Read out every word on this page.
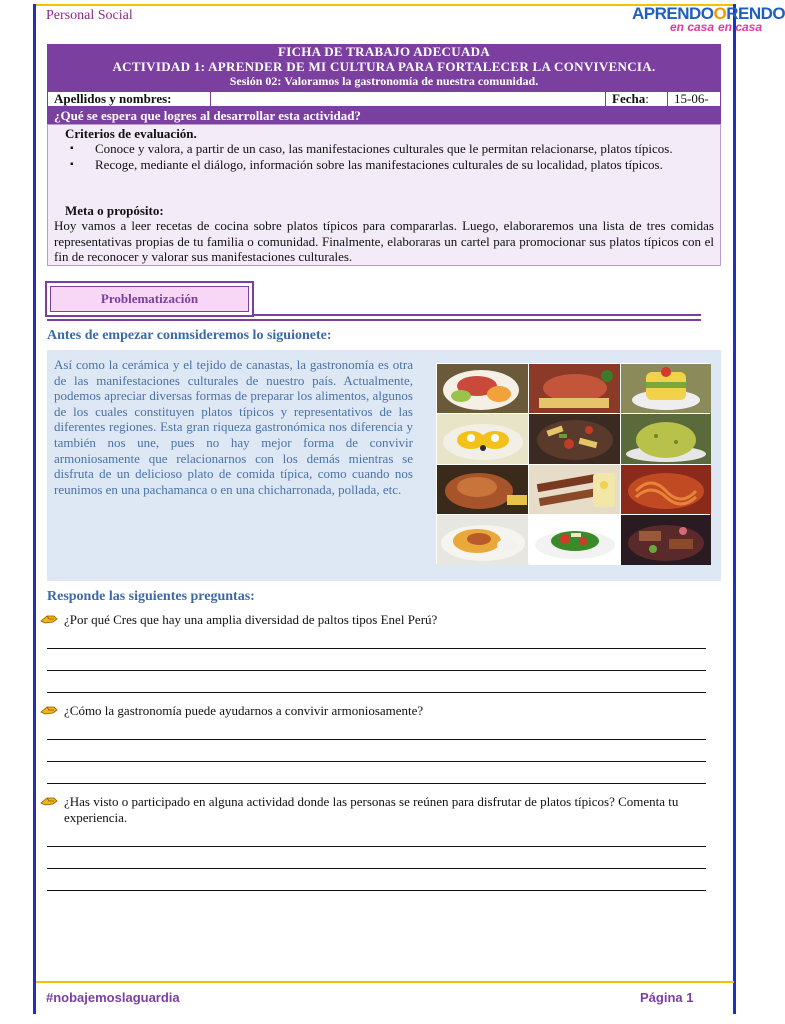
Personal Social	APRENDOORENDO
en casa en casa
FICHA DE TRABAJO ADECUADA
ACTIVIDAD 1: APRENDER DE MI CULTURA PARA FORTALECER LA CONVIVENCIA.
Sesión 02: Valoramos la gastronomía de nuestra comunidad.
Apellidos y nombres:	Fecha:	15-06-
¿Qué se espera que logres al desarrollar esta actividad?
Criterios de evaluación.
▪ Conoce y valora, a partir de un caso, las manifestaciones culturales que le permitan relacionarse, platos típicos.
▪ Recoge, mediante el diálogo, información sobre las manifestaciones culturales de su localidad, platos típicos.
Meta o propósito:
Hoy vamos a leer recetas de cocina sobre platos típicos para compararlas. Luego, elaboraremos una lista de tres comidas representativas propias de tu familia o comunidad. Finalmente, elaboraras un cartel para promocionar sus platos típicos con el fin de reconocer y valorar sus manifestaciones culturales.
Problematización
Antes de empezar conmsideremos lo siguionete:
Así como la cerámica y el tejido de canastas, la gastronomía es otra de las manifestaciones culturales de nuestro país. Actualmente, podemos apreciar diversas formas de preparar los alimentos, algunos de los cuales constituyen platos típicos y representativos de las diferentes regiones. Esta gran riqueza gastronómica nos diferencia y también nos une, pues no hay mejor forma de convivir armoniosamente que relacionarnos con los demás mientras se disfruta de un delicioso plato de comida típica, como cuando nos reunimos en una pachamanca o en una chicharronada, pollada, etc.
Responde las siguientes preguntas:
¿Por qué Cres que hay una amplia diversidad de paltos tipos Enel Perú?
¿Cómo la gastronomía puede ayudarnos a convivir armoniosamente?
¿Has visto o participado en alguna actividad donde las personas se reúnen para disfrutar de platos típicos? Comenta tu experiencia.
#nobajemoslaguardia	Página 1
